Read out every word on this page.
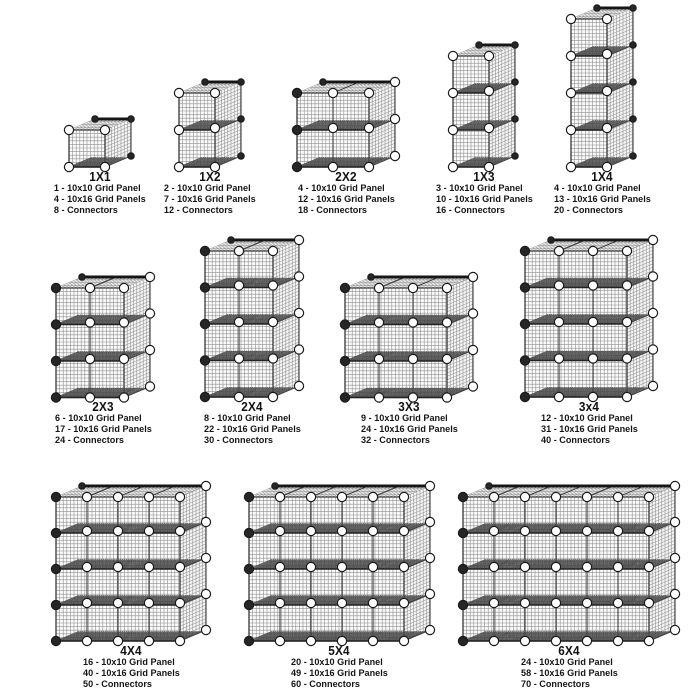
1X1
1 - 10x10 Grid Panel
4 - 10x16 Grid Panels
8 - Connectors
1X2
2 - 10x10 Grid Panel
7 - 10x16 Grid Panels
12 - Connectors
2X2
4 - 10x10 Grid Panel
12 - 10x16 Grid Panels
18 - Connectors
1X3
3 - 10x10 Grid Panel
10 - 10x16 Grid Panels
16 - Connectors
1X4
4 - 10x10 Grid Panel
13 - 10x16 Grid Panels
20 - Connectors
2X3
6 - 10x10 Grid Panel
17 - 10x16 Grid Panels
24 - Connectors
2X4
8 - 10x10 Grid Panel
22 - 10x16 Grid Panels
30 - Connectors
3X3
9 - 10x10 Grid Panel
24 - 10x16 Grid Panels
32 - Connectors
3x4
12 - 10x10 Grid Panel
31 - 10x16 Grid Panels
40 - Connectors
4X4
16 - 10x10 Grid Panel
40 - 10x16 Grid Panels
50 - Connectors
5X4
20 - 10x10 Grid Panel
49 - 10x16 Grid Panels
60 - Connectors
6X4
24 - 10x10 Grid Panel
58 - 10x16 Grid Panels
70 - Connectors
